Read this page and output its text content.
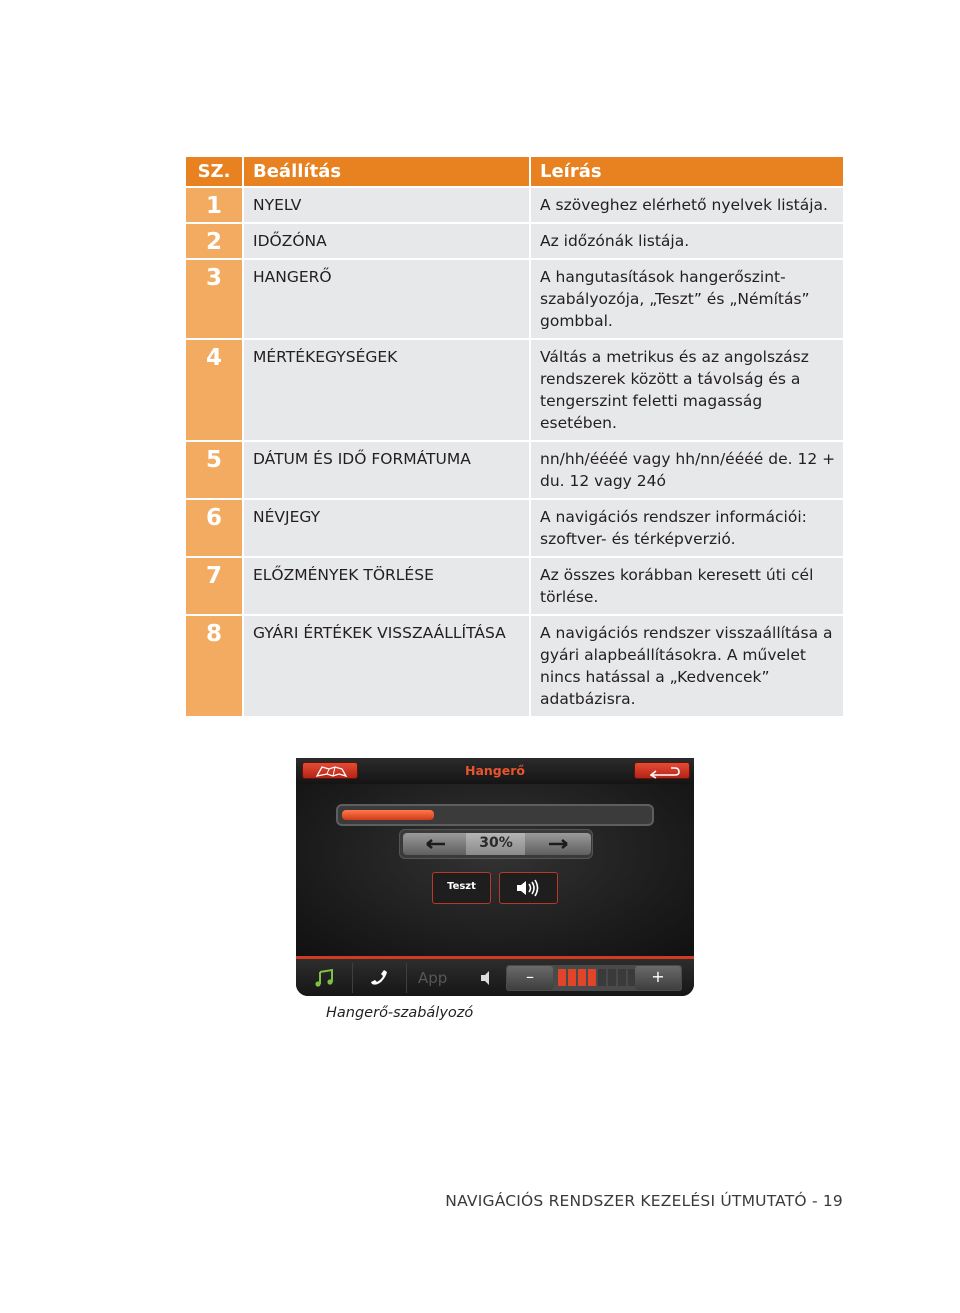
SZ.	Beállítás	Leírás
1	NYELV	A szöveghez elérhető nyelvek listája.
2	IDŐZÓNA	Az időzónák listája.
3	HANGERŐ	A hangutasítások hangerőszint-szabályozója, „Teszt” és „Némítás” gombbal.
4	MÉRTÉKEGYSÉGEK	Váltás a metrikus és az angolszász rendszerek között a távolság és a tengerszint feletti magasság esetében.
5	DÁTUM ÉS IDŐ FORMÁTUMA	nn/hh/éééé vagy hh/nn/éééé de. 12 + du. 12 vagy 24ó
6	NÉVJEGY	A navigációs rendszer információi: szoftver- és térképverzió.
7	ELŐZMÉNYEK TÖRLÉSE	Az összes korábban keresett úti cél törlése.
8	GYÁRI ÉRTÉKEK VISSZAÁLLÍTÁSA	A navigációs rendszer visszaállítása a gyári alapbeállításokra. A művelet nincs hatással a „Kedvencek” adatbázisra.
Hangerő
30%
Teszt
App	–	+
Hangerő-szabályozó
NAVIGÁCIÓS RENDSZER KEZELÉSI ÚTMUTATÓ - 19
